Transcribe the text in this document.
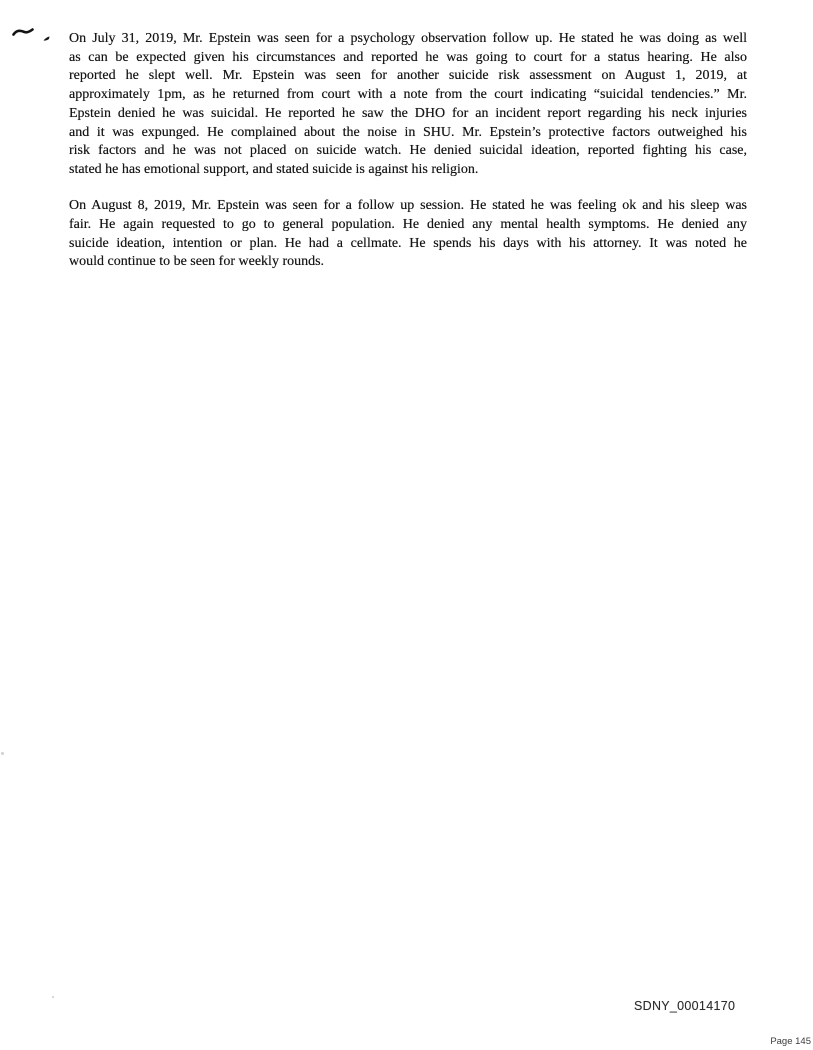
On July 31, 2019, Mr. Epstein was seen for a psychology observation follow up. He stated he was doing as well
as can be expected given his circumstances and reported he was going to court for a status hearing. He also
reported he slept well. Mr. Epstein was seen for another suicide risk assessment on August 1, 2019, at
approximately 1pm, as he returned from court with a note from the court indicating “suicidal tendencies.” Mr.
Epstein denied he was suicidal. He reported he saw the DHO for an incident report regarding his neck injuries
and it was expunged. He complained about the noise in SHU. Mr. Epstein’s protective factors outweighed his
risk factors and he was not placed on suicide watch. He denied suicidal ideation, reported fighting his case,
stated he has emotional support, and stated suicide is against his religion.
On August 8, 2019, Mr. Epstein was seen for a follow up session. He stated he was feeling ok and his sleep was
fair. He again requested to go to general population. He denied any mental health symptoms. He denied any
suicide ideation, intention or plan. He had a cellmate. He spends his days with his attorney. It was noted he
would continue to be seen for weekly rounds.
SDNY_00014170
Page 145
